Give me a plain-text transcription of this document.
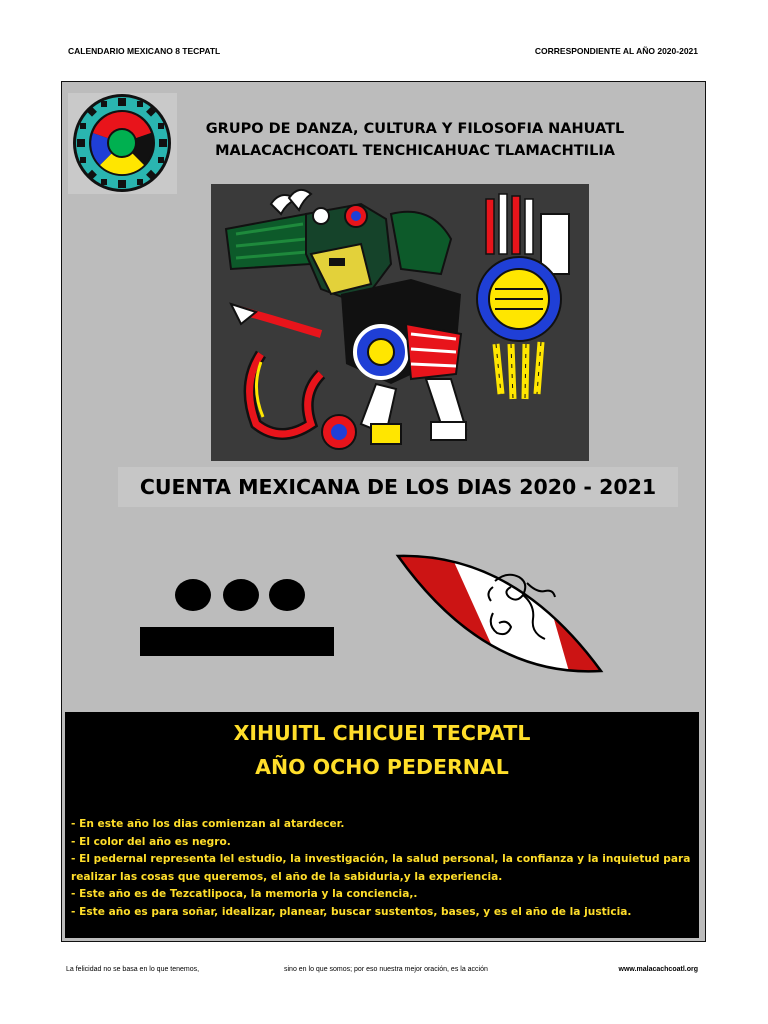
CALENDARIO MEXICANO 8 TECPATL	CORRESPONDIENTE AL AÑO 2020-2021
GRUPO DE DANZA, CULTURA Y FILOSOFIA NAHUATL
MALACACHCOATL TENCHICAHUAC TLAMACHTILIA
CUENTA MEXICANA DE LOS DIAS 2020 - 2021
XIHUITL CHICUEI TECPATL
AÑO OCHO PEDERNAL
- En este año los dias comienzan al atardecer.
- El color del año es negro.
- El pedernal representa lel estudio, la investigación, la salud personal, la confianza y la inquietud para realizar las cosas que queremos, el año de la sabiduria,y la experiencia.
- Este año es de Tezcatlipoca, la memoria y la conciencia,.
- Este año es para soñar, idealizar, planear, buscar sustentos, bases, y es el año de la justicia.
La felicidad no se basa en lo que tenemos,	sino en lo que somos; por eso nuestra mejor oración, es la acción	www.malacachcoatl.org
